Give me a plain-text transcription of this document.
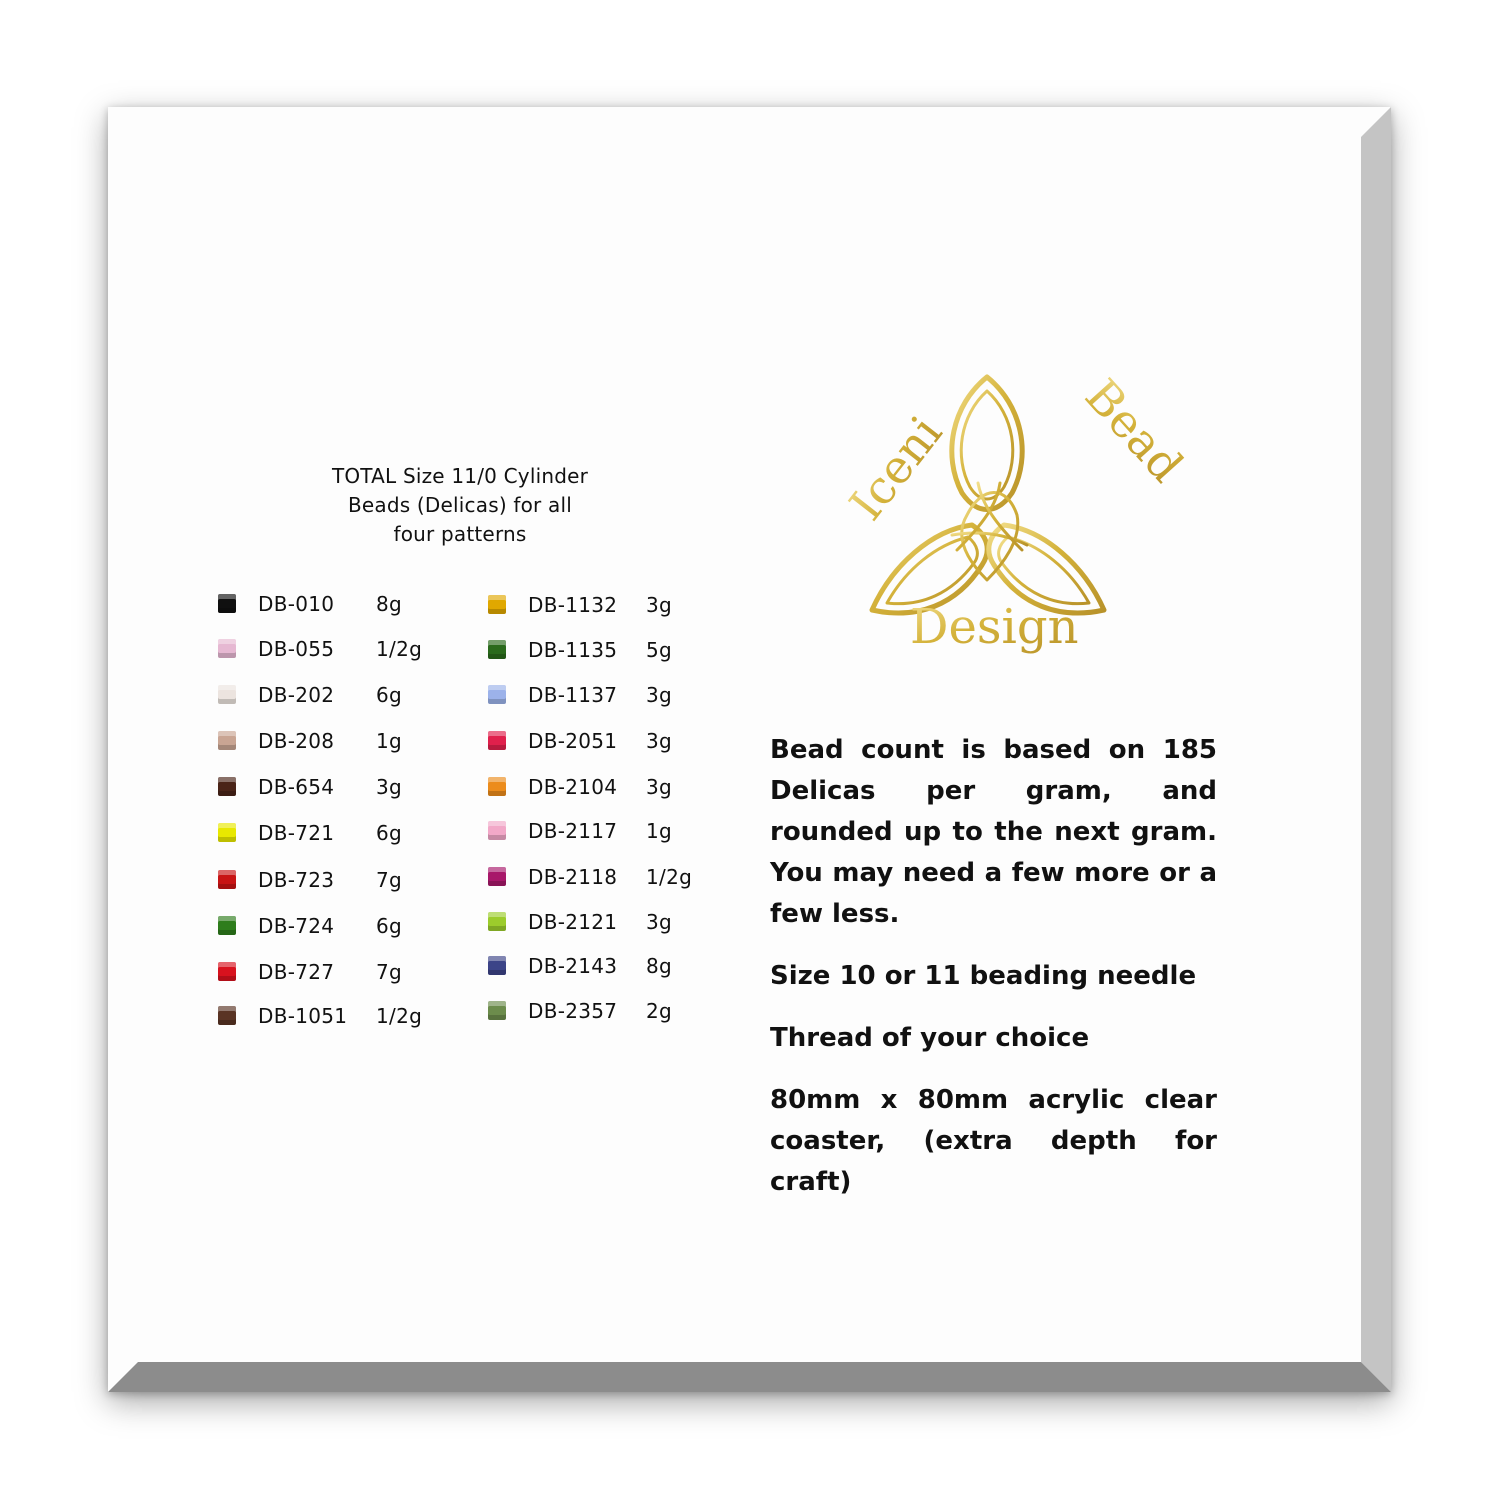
TOTAL Size 11/0 Cylinder
Beads (Delicas) for all
four patterns
DB-010 8g
DB-055 1/2g
DB-202 6g
DB-208 1g
DB-654 3g
DB-721 6g
DB-723 7g
DB-724 6g
DB-727 7g
DB-1051 1/2g
DB-1132 3g
DB-1135 5g
DB-1137 3g
DB-2051 3g
DB-2104 3g
DB-2117 1g
DB-2118 1/2g
DB-2121 3g
DB-2143 8g
DB-2357 2g
Iceni	Bead
Design

Bead count is based on 185 Delicas per gram, and rounded up to the next gram. You may need a few more or a few less.

Size 10 or 11 beading needle

Thread of your choice

80mm x 80mm acrylic clear coaster, (extra depth for craft)
